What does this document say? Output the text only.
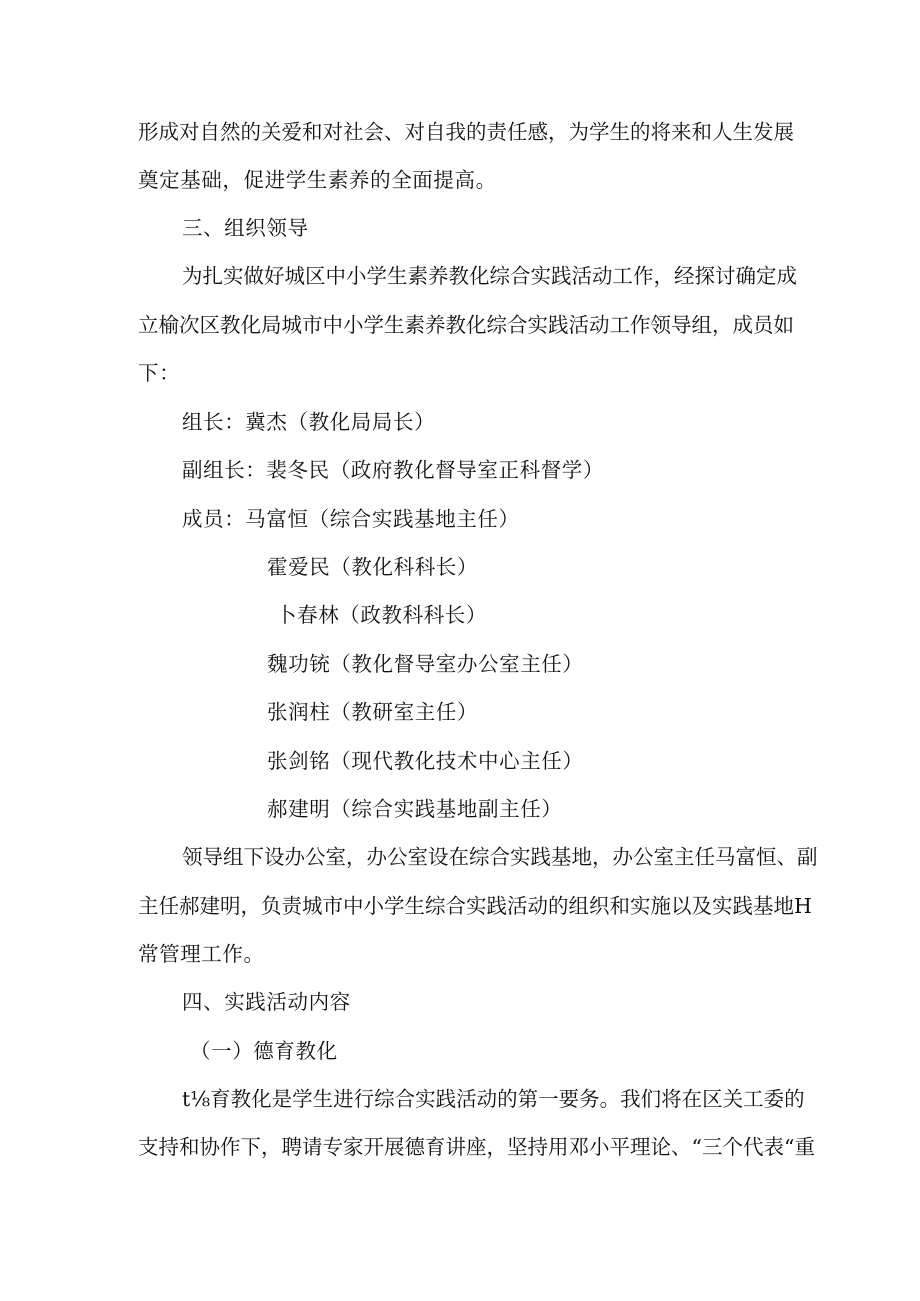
形成对自然的关爱和对社会、对自我的责任感，为学生的将来和人生发展
奠定基础，促进学生素养的全面提高。
三、组织领导
为扎实做好城区中小学生素养教化综合实践活动工作，经探讨确定成
立榆次区教化局城市中小学生素养教化综合实践活动工作领导组，成员如
下：
组长：冀杰（教化局局长）
副组长：裴冬民（政府教化督导室正科督学）
成员：马富恒（综合实践基地主任）
霍爱民（教化科科长）
卜春林（政教科科长）
魏功铳（教化督导室办公室主任）
张润柱（教研室主任）
张剑铭（现代教化技术中心主任）
郝建明（综合实践基地副主任）
领导组下设办公室，办公室设在综合实践基地，办公室主任马富恒、副
主任郝建明，负责城市中小学生综合实践活动的组织和实施以及实践基地H
常管理工作。
四、实践活动内容
（一）德育教化
t⅛育教化是学生进行综合实践活动的第一要务。我们将在区关工委的
支持和协作下，聘请专家开展德育讲座，坚持用邓小平理论、“三个代表“重
